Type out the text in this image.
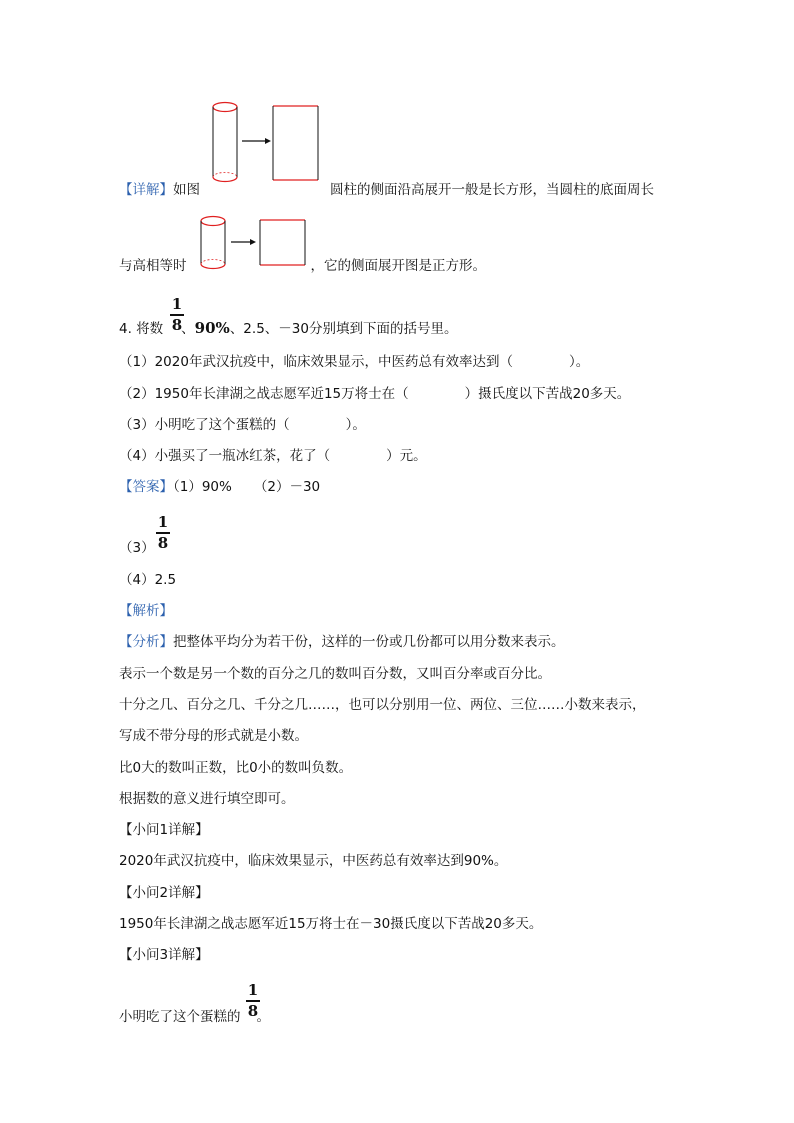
【详解】如图	圆柱的侧面沿高展开一般是长方形，当圆柱的底面周长
与高相等时	，它的侧面展开图是正方形。
1
8
4. 将数 、90%、2.5、－30分别填到下面的括号里。
（1）2020年武汉抗疫中，临床效果显示，中医药总有效率达到（	）。
（2）1950年长津湖之战志愿军近15万将士在（	）摄氏度以下苦战20多天。
（3）小明吃了这个蛋糕的（	）。
（4）小强买了一瓶冰红茶，花了（	）元。
【答案】（1）90% （2）－30
1
8
（3）
（4）2.5
【解析】
【分析】把整体平均分为若干份，这样的一份或几份都可以用分数来表示。
表示一个数是另一个数的百分之几的数叫百分数，又叫百分率或百分比。
十分之几、百分之几、千分之几……，也可以分别用一位、两位、三位……小数来表示，
写成不带分母的形式就是小数。
比0大的数叫正数，比0小的数叫负数。
根据数的意义进行填空即可。
【小问1详解】
2020年武汉抗疫中，临床效果显示，中医药总有效率达到90%。
【小问2详解】
1950年长津湖之战志愿军近15万将士在－30摄氏度以下苦战20多天。
【小问3详解】
1
8
小明吃了这个蛋糕的 。
